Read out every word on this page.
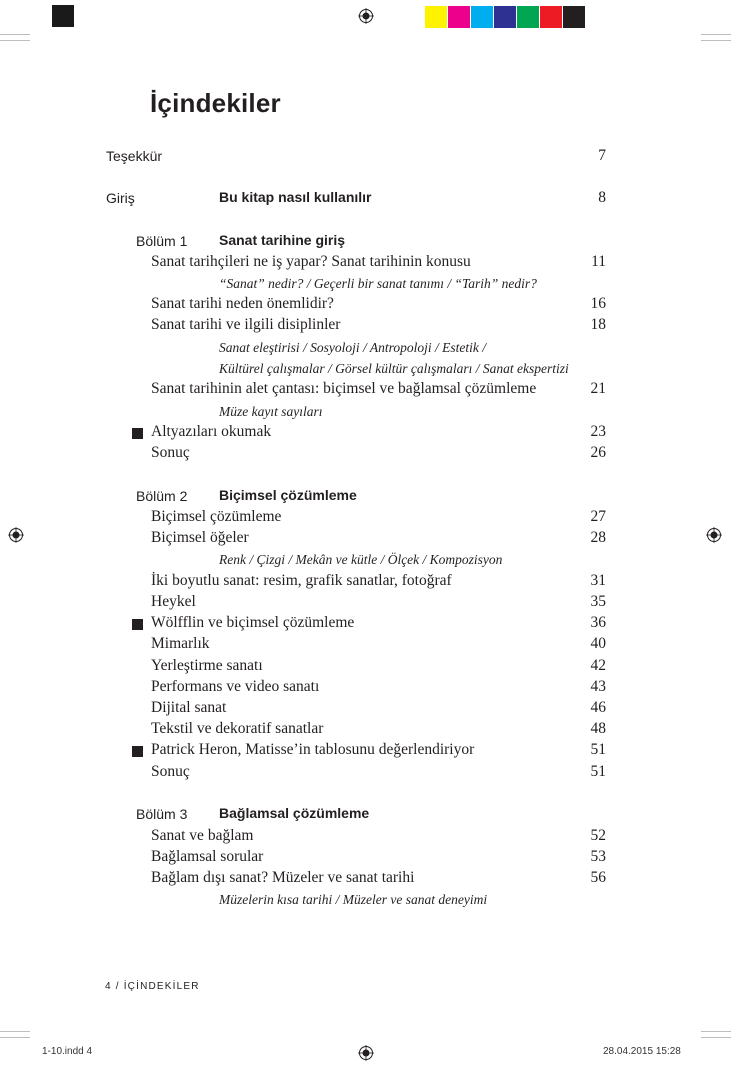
İçindekiler
Teşekkür	7
Giriş	Bu kitap nasıl kullanılır	8
Bölüm 1 Sanat tarihine giriş
Sanat tarihçileri ne iş yapar? Sanat tarihinin konusu	11
“Sanat” nedir? / Geçerli bir sanat tanımı / “Tarih” nedir?
Sanat tarihi neden önemlidir?	16
Sanat tarihi ve ilgili disiplinler	18
Sanat eleştirisi / Sosyoloji / Antropoloji / Estetik /
Kültürel çalışmalar / Görsel kültür çalışmaları / Sanat ekspertizi
Sanat tarihinin alet çantası: biçimsel ve bağlamsal çözümleme	21
Müze kayıt sayıları
Altyazıları okumak	23
Sonuç	26
Bölüm 2 Biçimsel çözümleme
Biçimsel çözümleme	27
Biçimsel öğeler	28
Renk / Çizgi / Mekân ve kütle / Ölçek / Kompozisyon
İki boyutlu sanat: resim, grafik sanatlar, fotoğraf	31
Heykel	35
Wölfflin ve biçimsel çözümleme	36
Mimarlık	40
Yerleştirme sanatı	42
Performans ve video sanatı	43
Dijital sanat	46
Tekstil ve dekoratif sanatlar	48
Patrick Heron, Matisse’in tablosunu değerlendiriyor	51
Sonuç	51
Bölüm 3 Bağlamsal çözümleme
Sanat ve bağlam	52
Bağlamsal sorular	53
Bağlam dışı sanat? Müzeler ve sanat tarihi	56
Müzelerin kısa tarihi / Müzeler ve sanat deneyimi
4 / İÇİNDEKİLER
1-10.indd 4	28.04.2015 15:28
